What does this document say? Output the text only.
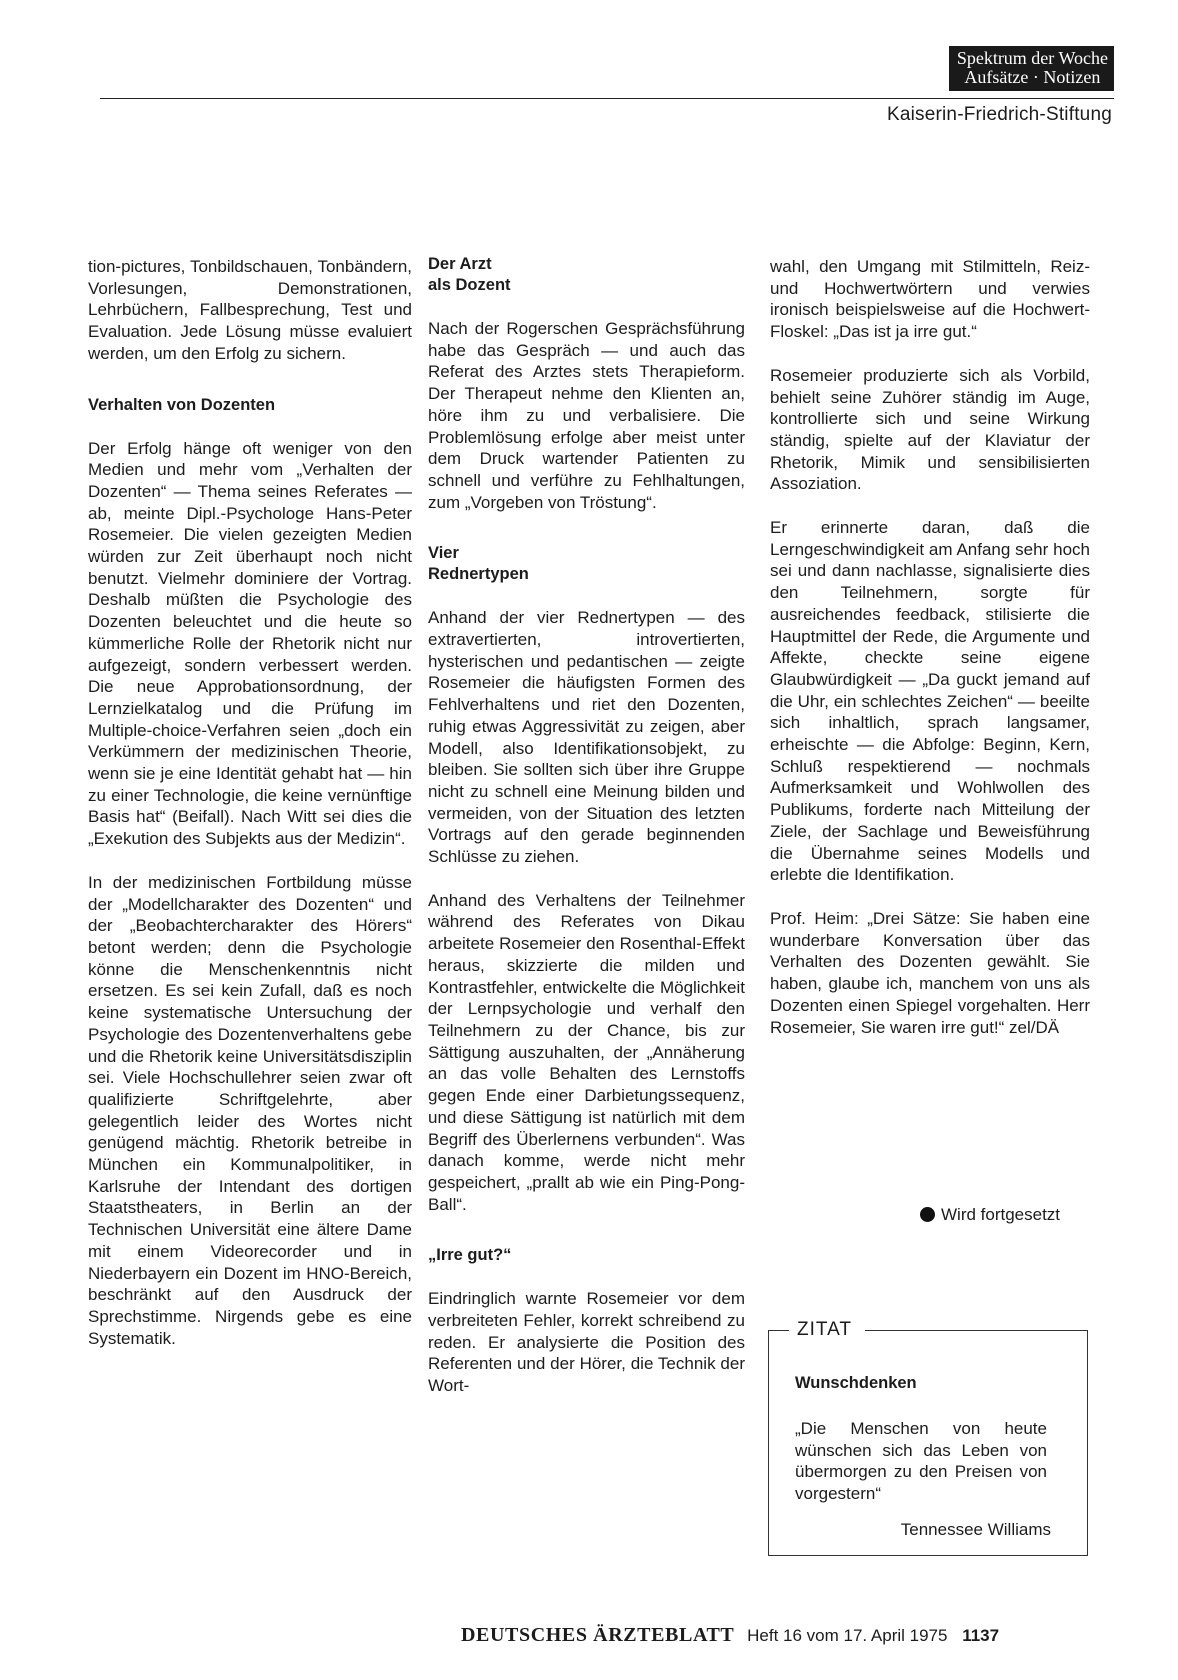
Spektrum der Woche
Aufsätze · Notizen
Kaiserin-Friedrich-Stiftung

tion-pictures, Tonbildschauen, Tonbändern, Vorlesungen, Demonstrationen, Lehrbüchern, Fallbesprechung, Test und Evaluation. Jede Lösung müsse evaluiert werden, um den Erfolg zu sichern.

Verhalten von Dozenten

Der Erfolg hänge oft weniger von den Medien und mehr vom „Verhalten der Dozenten“ — Thema seines Referates — ab, meinte Dipl.-Psychologe Hans-Peter Rosemeier. Die vielen gezeigten Medien würden zur Zeit überhaupt noch nicht benutzt. Vielmehr dominiere der Vortrag. Deshalb müßten die Psychologie des Dozenten beleuchtet und die heute so kümmerliche Rolle der Rhetorik nicht nur aufgezeigt, sondern verbessert werden. Die neue Approbationsordnung, der Lernzielkatalog und die Prüfung im Multiple-choice-Verfahren seien „doch ein Verkümmern der medizinischen Theorie, wenn sie je eine Identität gehabt hat — hin zu einer Technologie, die keine vernünftige Basis hat“ (Beifall). Nach Witt sei dies die „Exekution des Subjekts aus der Medizin“.

In der medizinischen Fortbildung müsse der „Modellcharakter des Dozenten“ und der „Beobachtercharakter des Hörers“ betont werden; denn die Psychologie könne die Menschenkenntnis nicht ersetzen. Es sei kein Zufall, daß es noch keine systematische Untersuchung der Psychologie des Dozentenverhaltens gebe und die Rhetorik keine Universitätsdisziplin sei. Viele Hochschullehrer seien zwar oft qualifizierte Schriftgelehrte, aber gelegentlich leider des Wortes nicht genügend mächtig. Rhetorik betreibe in München ein Kommunalpolitiker, in Karlsruhe der Intendant des dortigen Staatstheaters, in Berlin an der Technischen Universität eine ältere Dame mit einem Videorecorder und in Niederbayern ein Dozent im HNO-Bereich, beschränkt auf den Ausdruck der Sprechstimme. Nirgends gebe es eine Systematik.

Der Arzt
als Dozent

Nach der Rogerschen Gesprächsführung habe das Gespräch — und auch das Referat des Arztes stets Therapieform. Der Therapeut nehme den Klienten an, höre ihm zu und verbalisiere. Die Problemlösung erfolge aber meist unter dem Druck wartender Patienten zu schnell und verführe zu Fehlhaltungen, zum „Vorgeben von Tröstung“.

Vier
Rednertypen

Anhand der vier Rednertypen — des extravertierten, introvertierten, hysterischen und pedantischen — zeigte Rosemeier die häufigsten Formen des Fehlverhaltens und riet den Dozenten, ruhig etwas Aggressivität zu zeigen, aber Modell, also Identifikationsobjekt, zu bleiben. Sie sollten sich über ihre Gruppe nicht zu schnell eine Meinung bilden und vermeiden, von der Situation des letzten Vortrags auf den gerade beginnenden Schlüsse zu ziehen.

Anhand des Verhaltens der Teilnehmer während des Referates von Dikau arbeitete Rosemeier den Rosenthal-Effekt heraus, skizzierte die milden und Kontrastfehler, entwickelte die Möglichkeit der Lernpsychologie und verhalf den Teilnehmern zu der Chance, bis zur Sättigung auszuhalten, der „Annäherung an das volle Behalten des Lernstoffs gegen Ende einer Darbietungssequenz, und diese Sättigung ist natürlich mit dem Begriff des Überlernens verbunden“. Was danach komme, werde nicht mehr gespeichert, „prallt ab wie ein Ping-Pong-Ball“.

„Irre gut?“

Eindringlich warnte Rosemeier vor dem verbreiteten Fehler, korrekt schreibend zu reden. Er analysierte die Position des Referenten und der Hörer, die Technik der Wort-

wahl, den Umgang mit Stilmitteln, Reiz- und Hochwertwörtern und verwies ironisch beispielsweise auf die Hochwert-Floskel: „Das ist ja irre gut.“

Rosemeier produzierte sich als Vorbild, behielt seine Zuhörer ständig im Auge, kontrollierte sich und seine Wirkung ständig, spielte auf der Klaviatur der Rhetorik, Mimik und sensibilisierten Assoziation.

Er erinnerte daran, daß die Lerngeschwindigkeit am Anfang sehr hoch sei und dann nachlasse, signalisierte dies den Teilnehmern, sorgte für ausreichendes feedback, stilisierte die Hauptmittel der Rede, die Argumente und Affekte, checkte seine eigene Glaubwürdigkeit — „Da guckt jemand auf die Uhr, ein schlechtes Zeichen“ — beeilte sich inhaltlich, sprach langsamer, erheischte — die Abfolge: Beginn, Kern, Schluß respektierend — nochmals Aufmerksamkeit und Wohlwollen des Publikums, forderte nach Mitteilung der Ziele, der Sachlage und Beweisführung die Übernahme seines Modells und erlebte die Identifikation.

Prof. Heim: „Drei Sätze: Sie haben eine wunderbare Konversation über das Verhalten des Dozenten gewählt. Sie haben, glaube ich, manchem von uns als Dozenten einen Spiegel vorgehalten. Herr Rosemeier, Sie waren irre gut!“ zel/DÄ

Wird fortgesetzt
ZITAT
Wunschdenken
„Die Menschen von heute wünschen sich das Leben von übermorgen zu den Preisen von vorgestern“
Tennessee Williams
DEUTSCHES ÄRZTEBLATT Heft 16 vom 17. April 1975 1137
